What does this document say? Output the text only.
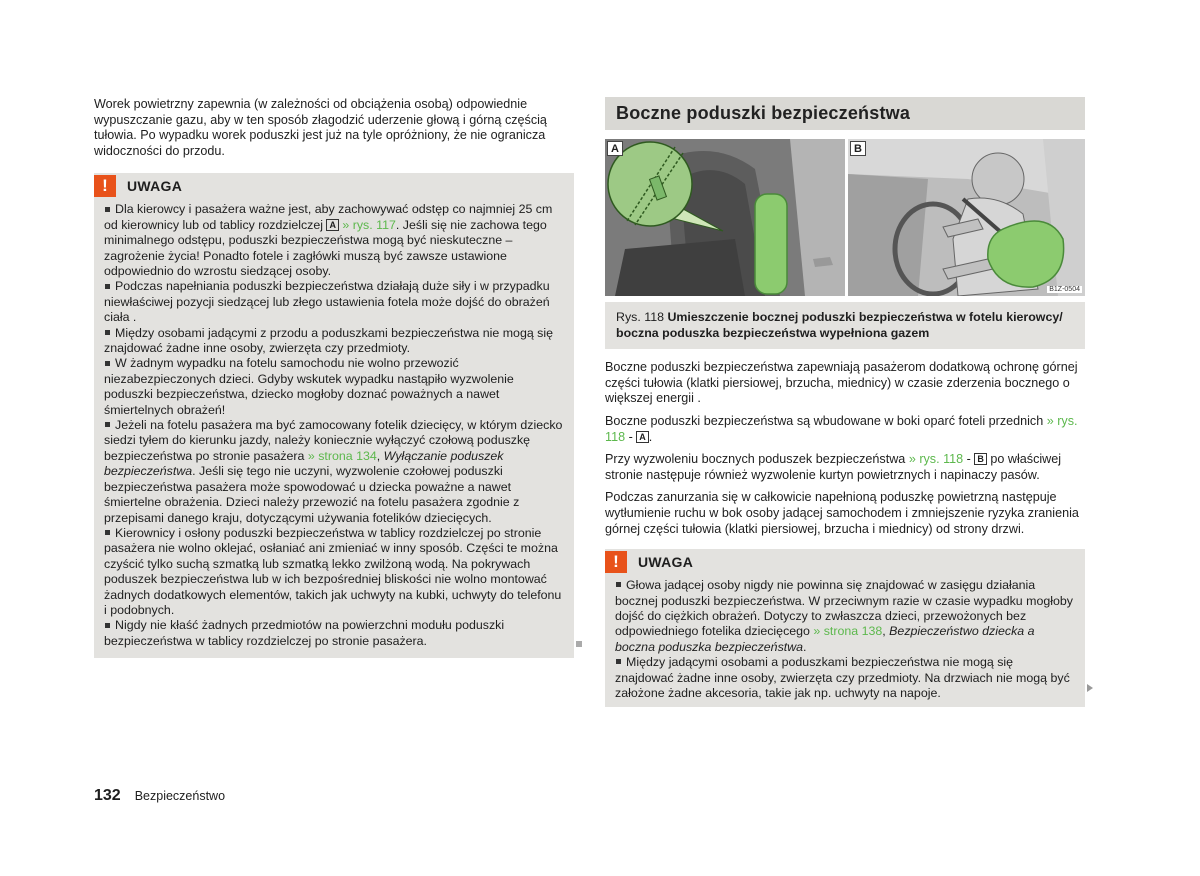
Worek powietrzny zapewnia (w zależności od obciążenia osobą) odpowiednie wypuszczanie gazu, aby w ten sposób złagodzić uderzenie głową i górną częścią tułowia. Po wypadku worek poduszki jest już na tyle opróżniony, że nie ogranicza widoczności do przodu.

!	UWAGA

Dla kierowcy i pasażera ważne jest, aby zachowywać odstęp co najmniej 25 cm od kierownicy lub od tablicy rozdzielczej A » rys. 117. Jeśli się nie zachowa tego minimalnego odstępu, poduszki bezpieczeństwa mogą być nieskuteczne – zagrożenie życia! Ponadto fotele i zagłówki muszą być zawsze ustawione odpowiednio do wzrostu siedzącej osoby.

Podczas napełniania poduszki bezpieczeństwa działają duże siły i w przypadku niewłaściwej pozycji siedzącej lub złego ustawienia fotela może dojść do obrażeń ciała .

Między osobami jadącymi z przodu a poduszkami bezpieczeństwa nie mogą się znajdować żadne inne osoby, zwierzęta czy przedmioty.

W żadnym wypadku na fotelu samochodu nie wolno przewozić niezabezpieczonych dzieci. Gdyby wskutek wypadku nastąpiło wyzwolenie poduszki bezpieczeństwa, dziecko mogłoby doznać poważnych a nawet śmiertelnych obrażeń!

Jeżeli na fotelu pasażera ma być zamocowany fotelik dziecięcy, w którym dziecko siedzi tyłem do kierunku jazdy, należy koniecznie wyłączyć czołową poduszkę bezpieczeństwa po stronie pasażera » strona 134, Wyłączanie poduszek bezpieczeństwa. Jeśli się tego nie uczyni, wyzwolenie czołowej poduszki bezpieczeństwa pasażera może spowodować u dziecka poważne a nawet śmiertelne obrażenia. Dzieci należy przewozić na fotelu pasażera zgodnie z przepisami danego kraju, dotyczącymi używania fotelików dziecięcych.

Kierownicy i osłony poduszki bezpieczeństwa w tablicy rozdzielczej po stronie pasażera nie wolno oklejać, osłaniać ani zmieniać w inny sposób. Części te można czyścić tylko suchą szmatką lub szmatką lekko zwilżoną wodą. Na pokrywach poduszek bezpieczeństwa lub w ich bezpośredniej bliskości nie wolno montować żadnych dodatkowych elementów, takich jak uchwyty na kubki, uchwyty do telefonu i podobnych.

Nigdy nie kłaść żadnych przedmiotów na powierzchni modułu poduszki bezpieczeństwa w tablicy rozdzielczej po stronie pasażera.

Boczne poduszki bezpieczeństwa
A	B
B1Z-0504
Rys. 118 Umieszczenie bocznej poduszki bezpieczeństwa w fotelu kierowcy/ boczna poduszka bezpieczeństwa wypełniona gazem

Boczne poduszki bezpieczeństwa zapewniają pasażerom dodatkową ochronę górnej części tułowia (klatki piersiowej, brzucha, miednicy) w czasie zderzenia bocznego o większej energii .

Boczne poduszki bezpieczeństwa są wbudowane w boki oparć foteli przednich » rys. 118 - A .

Przy wyzwoleniu bocznych poduszek bezpieczeństwa » rys. 118 - B po właściwej stronie następuje również wyzwolenie kurtyn powietrznych i napinaczy pasów.

Podczas zanurzania się w całkowicie napełnioną poduszkę powietrzną następuje wytłumienie ruchu w bok osoby jadącej samochodem i zmniejszenie ryzyka zranienia górnej części tułowia (klatki piersiowej, brzucha i miednicy) od strony drzwi.

!	UWAGA

Głowa jadącej osoby nigdy nie powinna się znajdować w zasięgu działania bocznej poduszki bezpieczeństwa. W przeciwnym razie w czasie wypadku mogłoby dojść do ciężkich obrażeń. Dotyczy to zwłaszcza dzieci, przewożonych bez odpowiedniego fotelika dziecięcego » strona 138, Bezpieczeństwo dziecka a boczna poduszka bezpieczeństwa.

Między jadącymi osobami a poduszkami bezpieczeństwa nie mogą się znajdować żadne inne osoby, zwierzęta czy przedmioty. Na drzwiach nie mogą być założone żadne akcesoria, takie jak np. uchwyty na napoje.

132 Bezpieczeństwo
